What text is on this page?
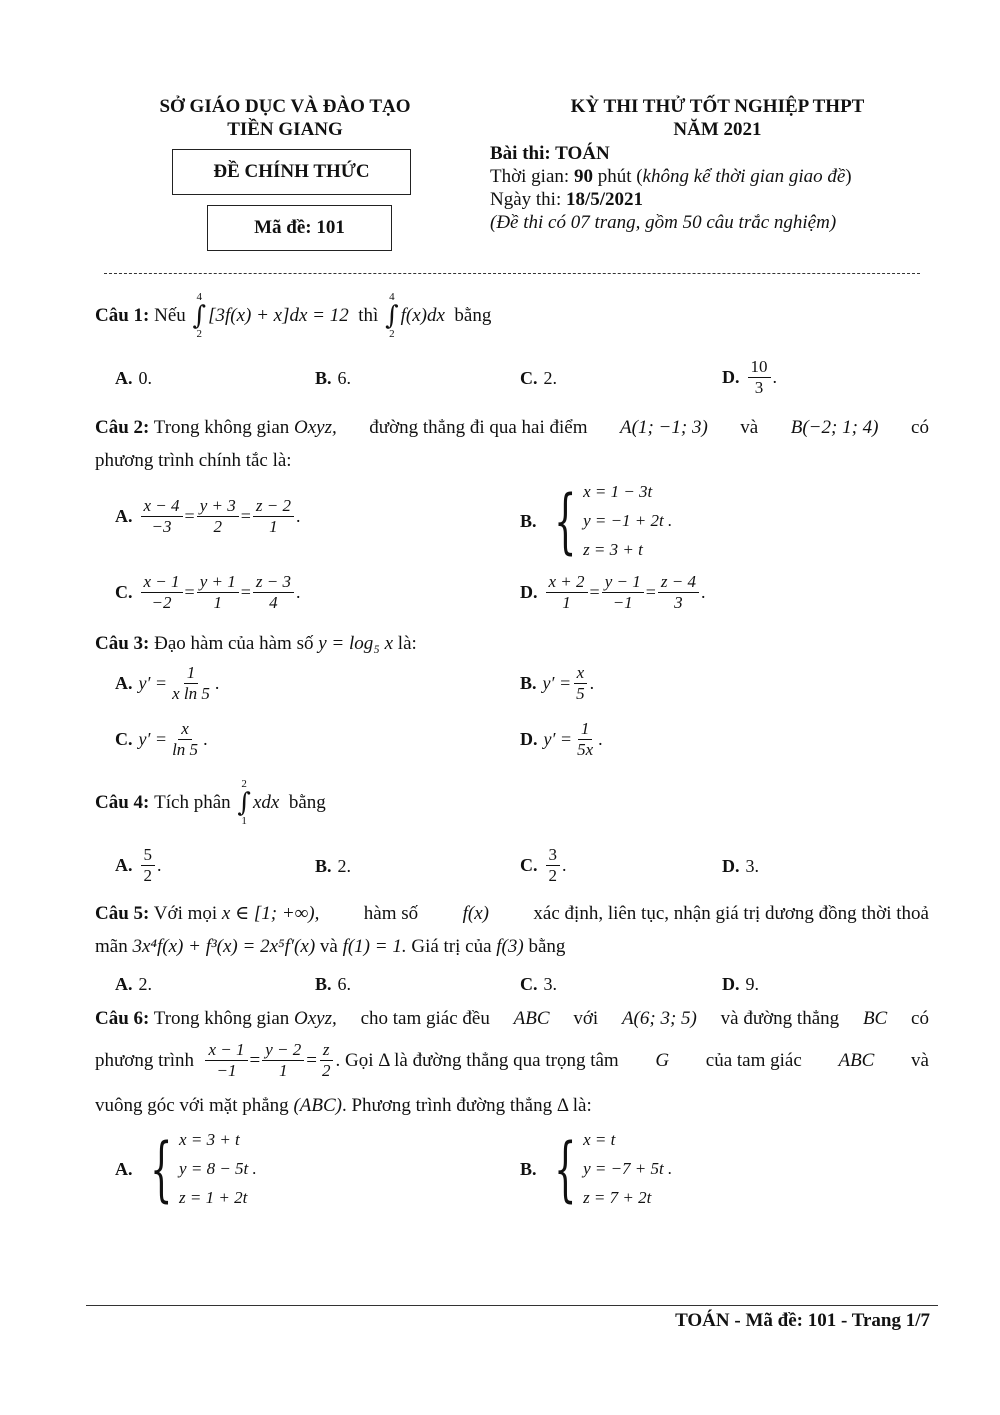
SỞ GIÁO DỤC VÀ ĐÀO TẠO
TIỀN GIANG
ĐỀ CHÍNH THỨC
Mã đề: 101
KỲ THI THỬ TỐT NGHIỆP THPT
NĂM 2021
Bài thi: TOÁN
Thời gian: 90 phút (không kể thời gian giao đề)
Ngày thi: 18/5/2021
(Đề thi có 07 trang, gồm 50 câu trắc nghiệm)
Câu 1:
Nếu

4
∫
2
[3f(x) + x]dx = 12
thì

4
∫
2
f(x)dx
bằng
A. 0.	B. 6.	C. 2.	D. $\frac{10}{3}$ .
Câu 2: Trong không gian Oxyz, đường thẳng đi qua hai điểm A(1; −1; 3) và B(−2; 1; 4) có
phương trình chính tắc là:
A. $\frac{x - 4}{-3} = \frac{y + 3}{2} = \frac{z - 2}{1}$ .	B. { x = 1 − 3t
y = −1 + 2t .
z = 3 + t
C. $\frac{x - 1}{-2} = \frac{y + 1}{1} = \frac{z - 3}{4}$ .	D. $\frac{x + 2}{1} = \frac{y - 1}{-1} = \frac{z - 4}{3}$ .
Câu 3: Đạo hàm của hàm số y = log₅ x là:
A. $y' = \frac{1}{\text{x ln 5}}$ .	B. $y' = \frac{x}{5}$ .
C. $y' = \frac{x}{\ln 5}$ .	D. $y' = \frac{1}{5x}$ .
Câu 4:
Tích phân

2
∫
1
xdx
bằng
A. $\frac{5}{2}$ .	B. 2.	C. $\frac{3}{2}$ .	D. 3.
Câu 5: Với mọi x ∈ [1; +∞), hàm số f(x) xác định, liên tục, nhận giá trị dương đồng thời thoả
mãn 3x⁴f(x) + f³(x) = 2x⁵f′(x) và f(1) = 1. Giá trị của f(3) bằng
A. 2.	B. 6.	C. 3.	D. 9.
Câu 6: Trong không gian Oxyz, cho tam giác đều ABC với A(6; 3; 5) và đường thẳng BC có
phương trình
$\frac{x - 1}{-1} = \frac{y - 2}{1} = \frac{z}{2}$ . Gọi Δ là đường thẳng qua trọng tâm G của tam giác ABC và
vuông góc với mặt phẳng (ABC). Phương trình đường thẳng Δ là:
A. { x = 3 + t
y = 8 − 5t .
z = 1 + 2t
B. { x = t
y = −7 + 5t .
z = 7 + 2t
TOÁN - Mã đề: 101 - Trang 1/7
